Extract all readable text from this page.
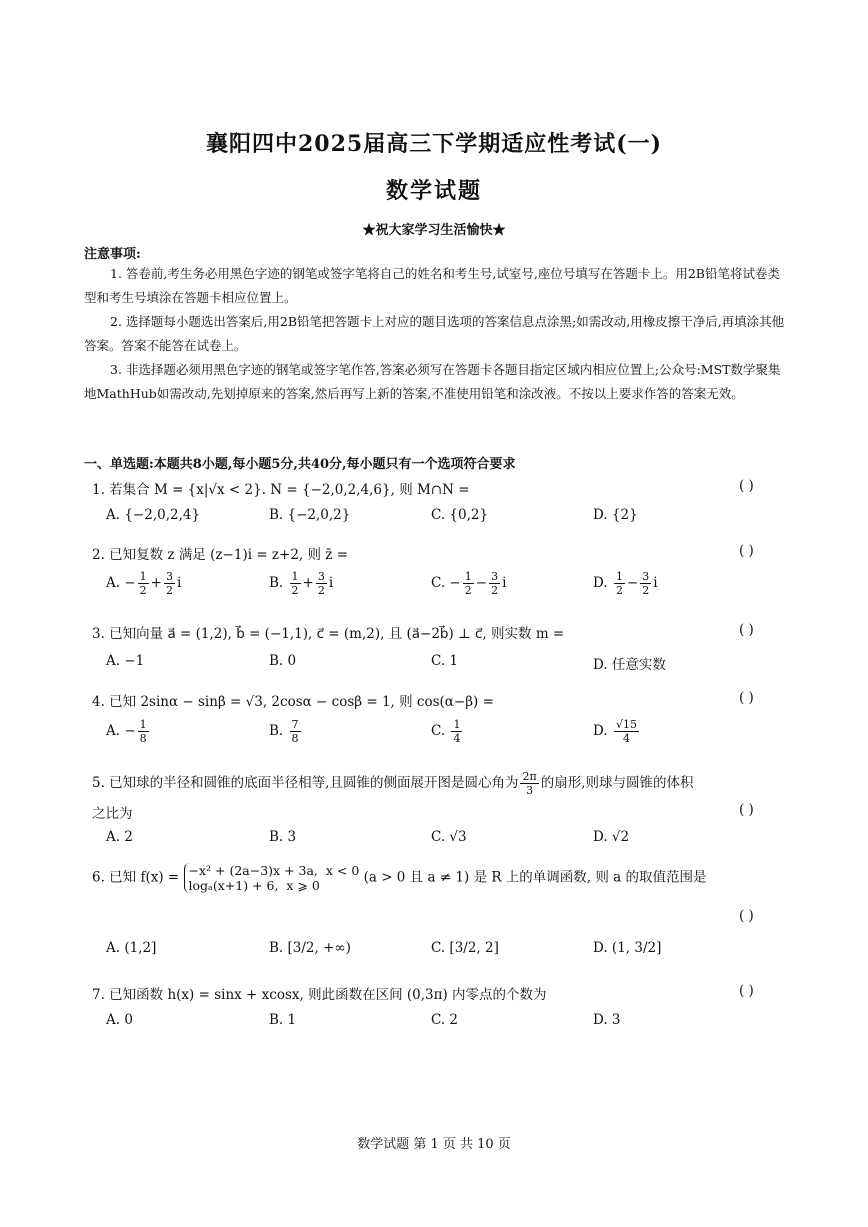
襄阳四中2025届高三下学期适应性考试(一)
数学试题
★祝大家学习生活愉快★
注意事项:
1. 答卷前,考生务必用黑色字迹的钢笔或签字笔将自己的姓名和考生号,试室号,座位号填写在答题卡上。用2B铅笔将试卷类型和考生号填涂在答题卡相应位置上。
2. 选择题每小题选出答案后,用2B铅笔把答题卡上对应的题目选项的答案信息点涂黑;如需改动,用橡皮擦干净后,再填涂其他答案。答案不能答在试卷上。
3. 非选择题必须用黑色字迹的钢笔或签字笔作答,答案必须写在答题卡各题目指定区域内相应位置上;公众号:MST数学聚集地MathHub如需改动,先划掉原来的答案,然后再写上新的答案,不准使用铅笔和涂改液。不按以上要求作答的答案无效。
一、单选题:本题共8小题,每小题5分,共40分,每小题只有一个选项符合要求
1. 若集合 M = {x|√x < 2}. N = {−2,0,2,4,6}, 则 M∩N =	( )
A. {−2,0,2,4}	B. {−2,0,2}	C. {0,2}	D. {2}
2. 已知复数 z 满足 (z−1)i = z+2, 则 z̄ =	( )
A. − $\frac{1}{2} + \frac{3}{2}$ i	B. $\frac{1}{2} + \frac{3}{2}$ i	C. − $\frac{1}{2} - \frac{3}{2}$ i	D. $\frac{1}{2} - \frac{3}{2}$ i
3. 已知向量 a⃗ = (1,2), b⃗ = (−1,1), c⃗ = (m,2), 且 (a⃗−2b⃗) ⊥ c⃗, 则实数 m =	( )
A. −1	B. 0	C. 1	D. 任意实数
4. 已知 2sinα − sinβ = √3, 2cosα − cosβ = 1, 则 cos(α−β) =	( )
A. − $\frac{1}{8}$	B. $\frac{7}{8}$	C. $\frac{1}{4}$	D. $\frac{√15}{4}$
5. 已知球的半径和圆锥的底面半径相等,且圆锥的侧面展开图是圆心角为 $\frac{2\pi}{3}$ 的扇形,则球与圆锥的体积
之比为	( )
A. 2	B. 3	C. √3	D. √2
6. 已知 f(x) = −x² + (2a−3)x + 3a, x < 0
logₐ(x+1) + 6, x ⩾ 0	(a > 0 且 a ≠ 1) 是 R 上的单调函数, 则 a 的取值范围是
( )
A. (1,2]	B. [3/2, +∞)	C. [3/2, 2]	D. (1, 3/2]
7. 已知函数 h(x) = sinx + xcosx, 则此函数在区间 (0,3π) 内零点的个数为	( )
A. 0	B. 1	C. 2	D. 3
数学试题 第 1 页 共 10 页
